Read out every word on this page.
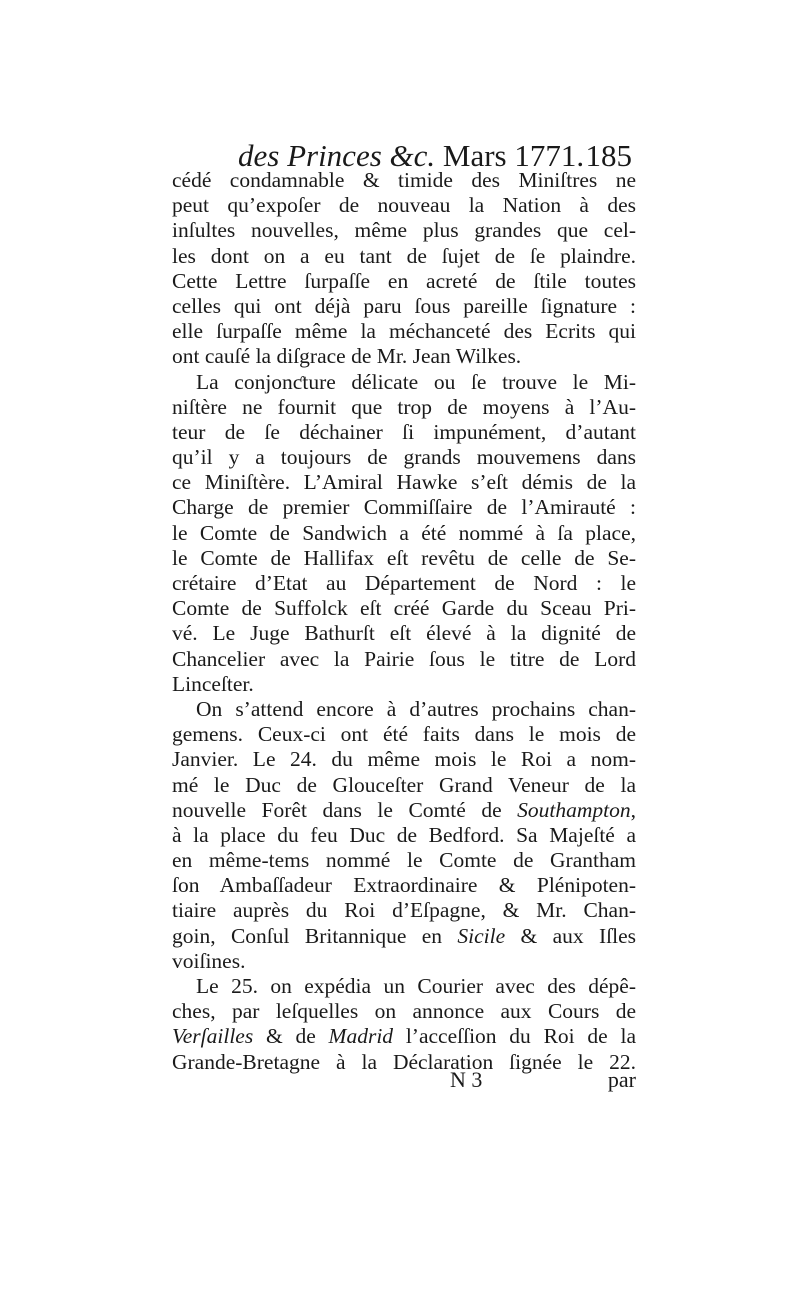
des Princes &c. Mars 1771. 185
cédé condamnable & timide des Miniſtres ne
peut qu’expoſer de nouveau la Nation à des
inſultes nouvelles, même plus grandes que cel-
les dont on a eu tant de ſujet de ſe plaindre.
Cette Lettre ſurpaſſe en acreté de ſtile toutes
celles qui ont déjà paru ſous pareille ſignature :
elle ſurpaſſe même la méchanceté des Ecrits qui
ont cauſé la diſgrace de Mr. Jean Wilkes.
La conjonƈture délicate ou ſe trouve le Mi-
niſtère ne fournit que trop de moyens à l’Au-
teur de ſe déchainer ſi impunément, d’autant
qu’il y a toujours de grands mouvemens dans
ce Miniſtère. L’Amiral Hawke s’eſt démis de la
Charge de premier Commiſſaire de l’Amirauté :
le Comte de Sandwich a été nommé à ſa place,
le Comte de Hallifax eſt revêtu de celle de Se-
crétaire d’Etat au Département de Nord : le
Comte de Suffolck eſt créé Garde du Sceau Pri-
vé. Le Juge Bathurſt eſt élevé à la dignité de
Chancelier avec la Pairie ſous le titre de Lord
Linceſter.
On s’attend encore à d’autres prochains chan-
gemens. Ceux-ci ont été faits dans le mois de
Janvier. Le 24. du même mois le Roi a nom-
mé le Duc de Glouceſter Grand Veneur de la
nouvelle Forêt dans le Comté de Southampton,
à la place du feu Duc de Bedford. Sa Majeſté a
en même-tems nommé le Comte de Grantham
ſon Ambaſſadeur Extraordinaire & Plénipoten-
tiaire auprès du Roi d’Eſpagne, & Mr. Chan-
goin, Conſul Britannique en Sicile & aux Iſles
voiſines.
Le 25. on expédia un Courier avec des dépê-
ches, par leſquelles on annonce aux Cours de
Verſailles & de Madrid l’acceſſion du Roi de la
Grande-Bretagne à la Déclaration ſignée le 22.
N 3	par
